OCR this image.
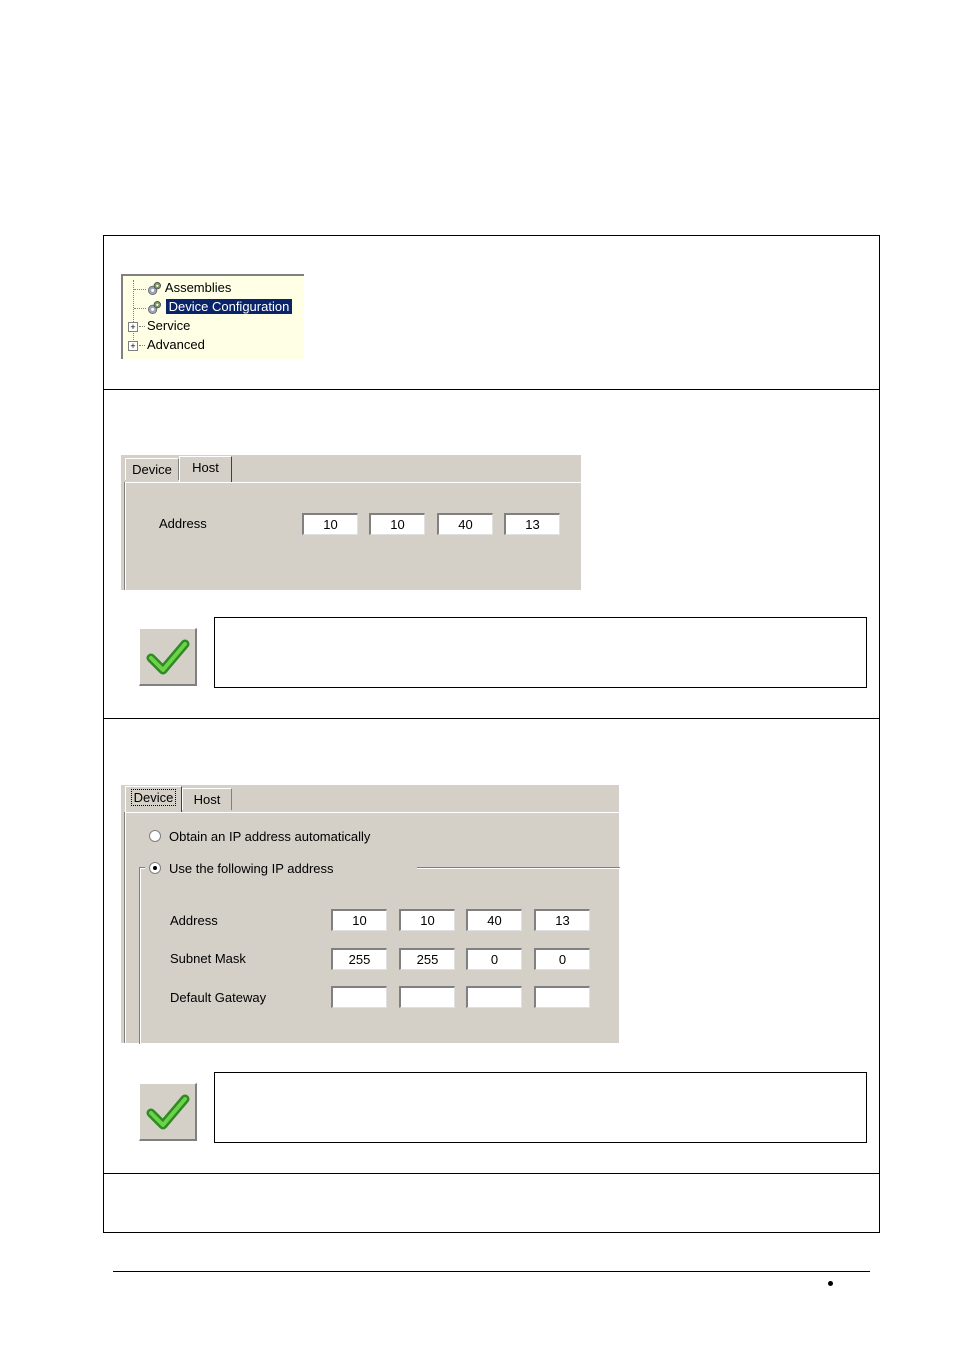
Assemblies
Device Configuration
+ Service
+ Advanced
Device	Host
Address	10	10	40	13
Device	Host
Obtain an IP address automatically
Use the following IP address
Address	10	10	40	13
Subnet Mask	255	255	0	0
Default Gateway
